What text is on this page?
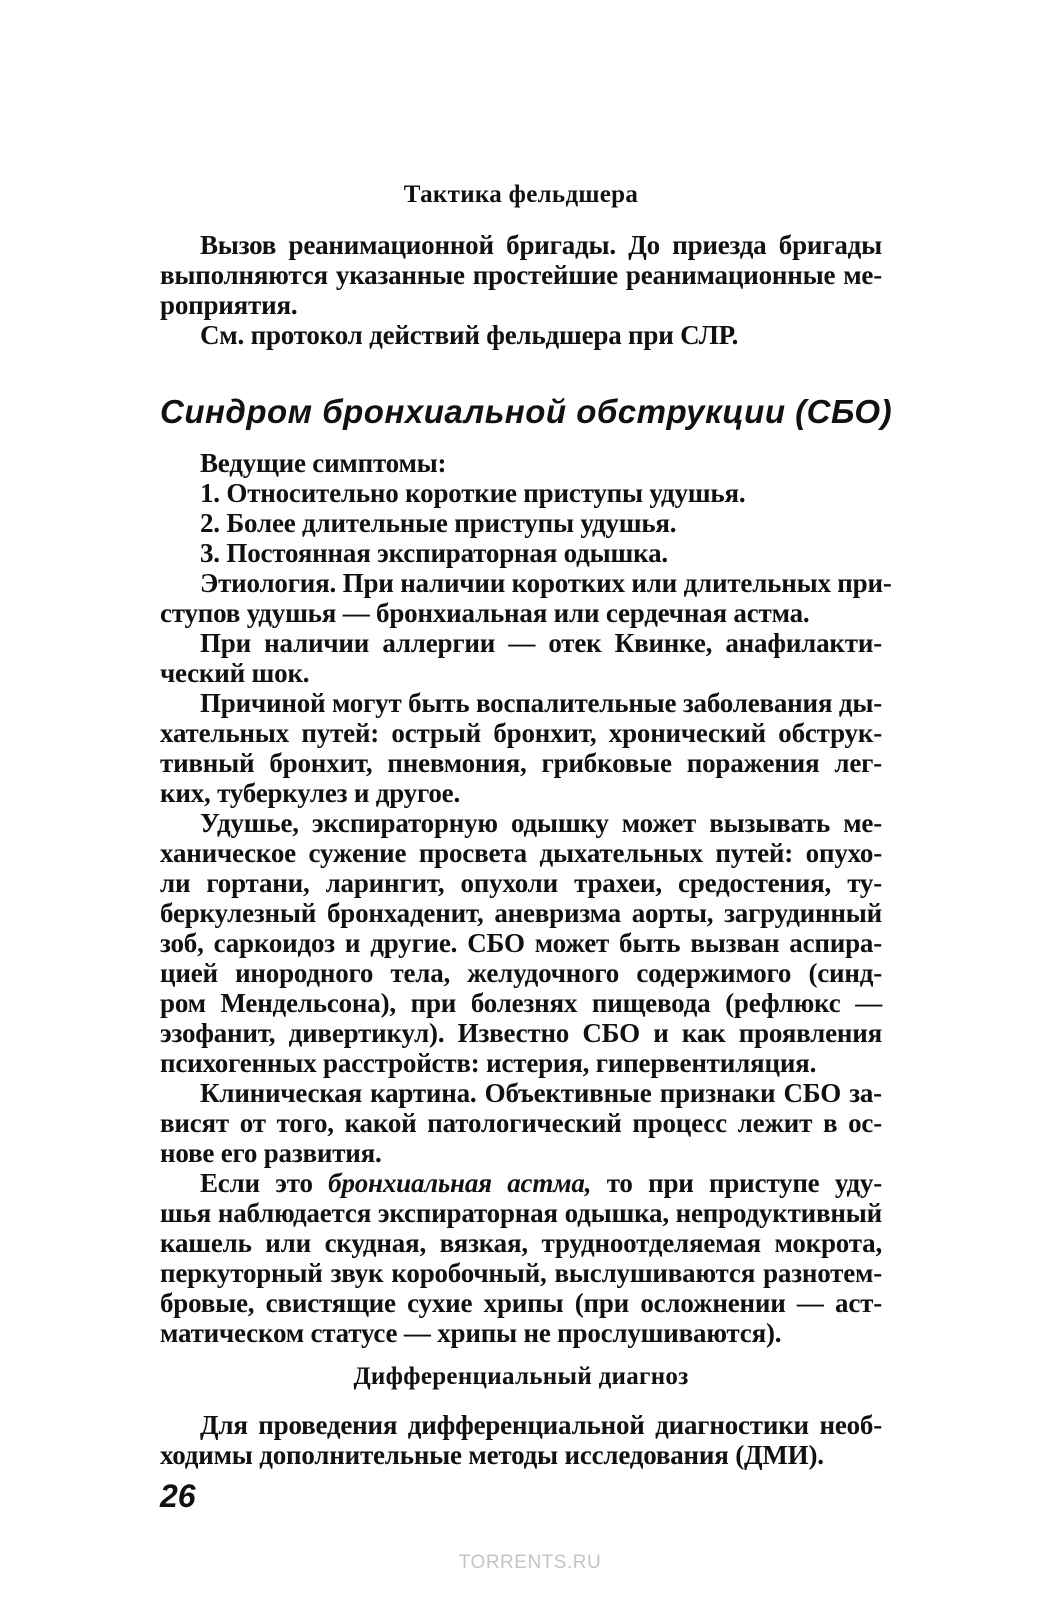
Тактика фельдшера
Вызов реанимационной бригады. До приезда бригады
выполняются указанные простейшие реанимационные ме-
роприятия.
См. протокол действий фельдшера при СЛР.
Синдром бронхиальной обструкции (СБО)
Ведущие симптомы:
1. Относительно короткие приступы удушья.
2. Более длительные приступы удушья.
3. Постоянная экспираторная одышка.
Этиология. При наличии коротких или длительных при-
ступов удушья — бронхиальная или сердечная астма.
При наличии аллергии — отек Квинке, анафилакти-
ческий шок.
Причиной могут быть воспалительные заболевания ды-
хательных путей: острый бронхит, хронический обструк-
тивный бронхит, пневмония, грибковые поражения лег-
ких, туберкулез и другое.
Удушье, экспираторную одышку может вызывать ме-
ханическое сужение просвета дыхательных путей: опухо-
ли гортани, ларингит, опухоли трахеи, средостения, ту-
беркулезный бронхаденит, аневризма аорты, загрудинный
зоб, саркоидоз и другие. СБО может быть вызван аспира-
цией инородного тела, желудочного содержимого (синд-
ром Мендельсона), при болезнях пищевода (рефлюкс —
эзофанит, дивертикул). Известно СБО и как проявления
психогенных расстройств: истерия, гипервентиляция.
Клиническая картина. Объективные признаки СБО за-
висят от того, какой патологический процесс лежит в ос-
нове его развития.
Если это бронхиальная астма, то при приступе уду-
шья наблюдается экспираторная одышка, непродуктивный
кашель или скудная, вязкая, трудноотделяемая мокрота,
перкуторный звук коробочный, выслушиваются разнотем-
бровые, свистящие сухие хрипы (при осложнении — аст-
матическом статусе — хрипы не прослушиваются).
Дифференциальный диагноз
Для проведения дифференциальной диагностики необ-
ходимы дополнительные методы исследования (ДМИ).
26
TORRENTS.RU
